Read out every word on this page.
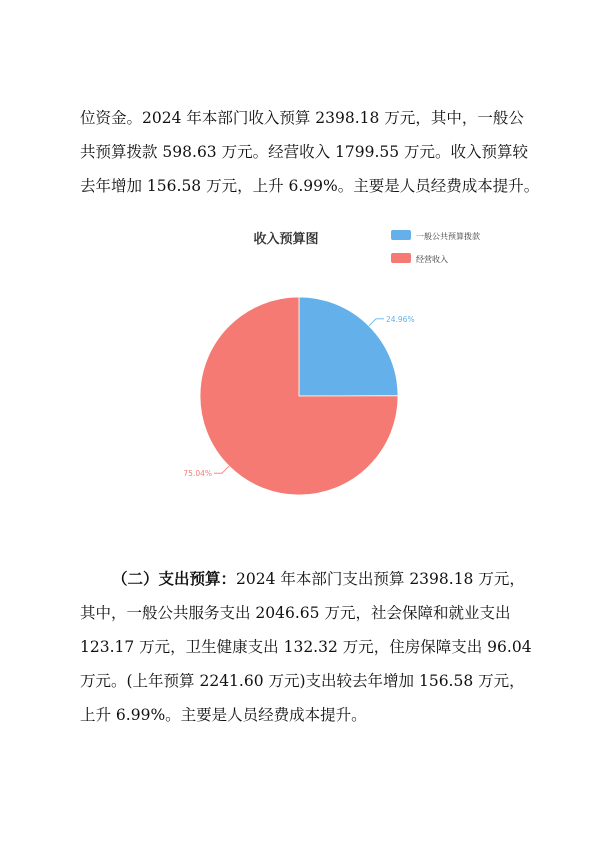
位资金。2024 年本部门收入预算 2398.18 万元，其中，一般公

共预算拨款 598.63 万元。经营收入 1799.55 万元。收入预算较

去年增加 156.58 万元，上升 6.99%。主要是人员经费成本提升。

收入预算图	一般公共预算拨款
经营收入
24.96%
75.04%

（二）支出预算：2024 年本部门支出预算 2398.18 万元，

其中，一般公共服务支出 2046.65 万元，社会保障和就业支出

123.17 万元，卫生健康支出 132.32 万元，住房保障支出 96.04

万元。(上年预算 2241.60 万元)支出较去年增加 156.58 万元，

上升 6.99%。主要是人员经费成本提升。
